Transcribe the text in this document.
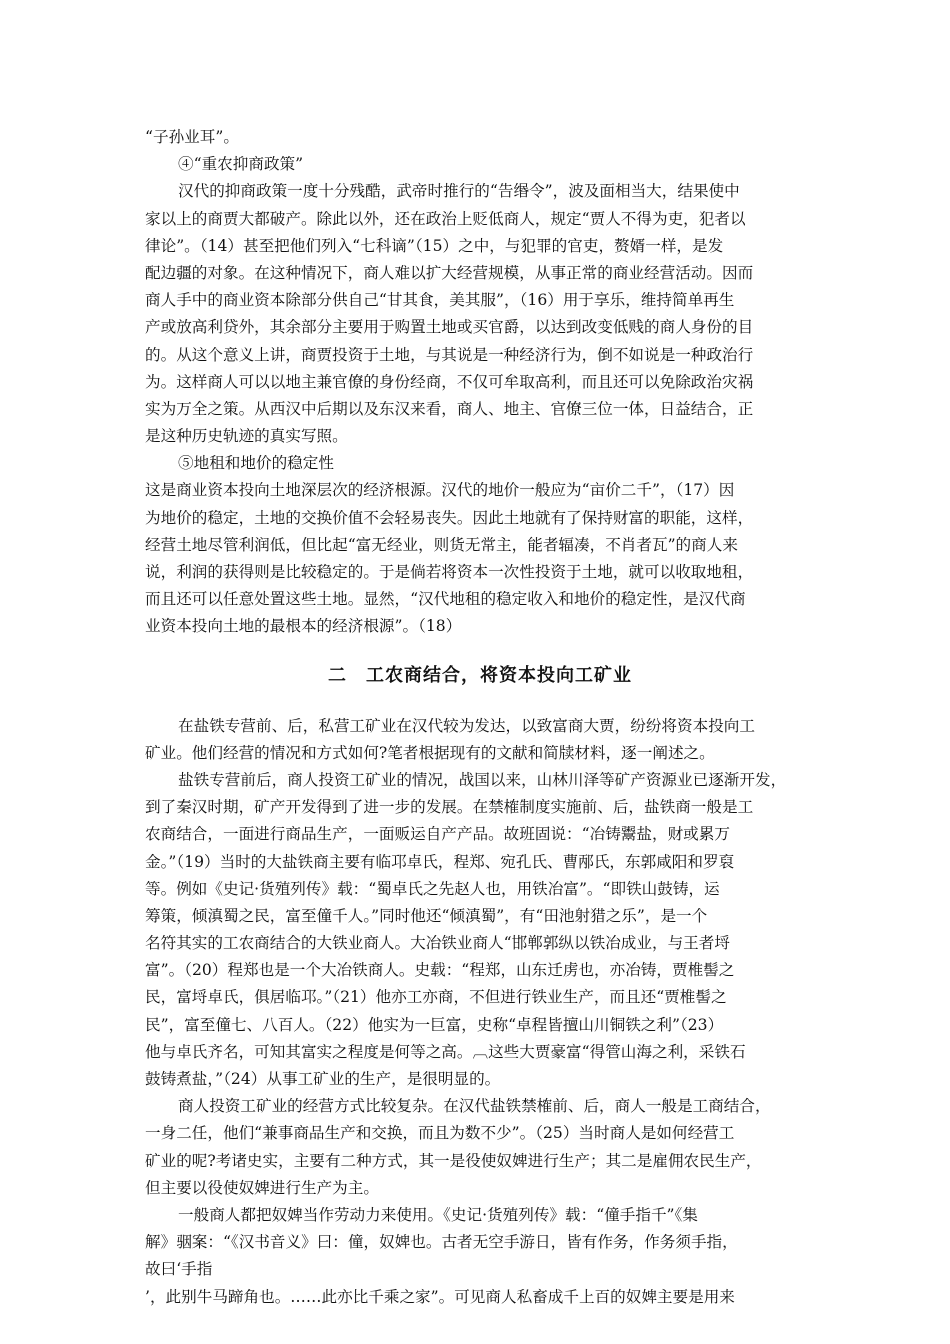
“子孙业耳”。
④“重农抑商政策”
汉代的抑商政策一度十分残酷，武帝时推行的“告缗令”，波及面相当大，结果使中
家以上的商贾大都破产。除此以外，还在政治上贬低商人，规定“贾人不得为吏，犯者以
律论”。（14）甚至把他们列入“七科谪”（15）之中，与犯罪的官吏，赘婿一样，是发
配边疆的对象。在这种情况下，商人难以扩大经营规模，从事正常的商业经营活动。因而
商人手中的商业资本除部分供自己“甘其食，美其服”，（16）用于享乐，维持简单再生
产或放高利贷外，其余部分主要用于购置土地或买官爵，以达到改变低贱的商人身份的目
的。从这个意义上讲，商贾投资于土地，与其说是一种经济行为，倒不如说是一种政治行
为。这样商人可以以地主兼官僚的身份经商，不仅可牟取高利，而且还可以免除政治灾祸
实为万全之策。从西汉中后期以及东汉来看，商人、地主、官僚三位一体，日益结合，正
是这种历史轨迹的真实写照。
⑤地租和地价的稳定性
这是商业资本投向土地深层次的经济根源。汉代的地价一般应为“亩价二千”，（17）因
为地价的稳定，土地的交换价值不会轻易丧失。因此土地就有了保持财富的职能，这样，
经营土地尽管利润低，但比起“富无经业，则货无常主，能者辐凑，不肖者瓦”的商人来
说，利润的获得则是比较稳定的。于是倘若将资本一次性投资于土地，就可以收取地租，
而且还可以任意处置这些土地。显然，“汉代地租的稳定收入和地价的稳定性，是汉代商
业资本投向土地的最根本的经济根源”。（18）
二　工农商结合，将资本投向工矿业
在盐铁专营前、后，私营工矿业在汉代较为发达，以致富商大贾，纷纷将资本投向工
矿业。他们经营的情况和方式如何?笔者根据现有的文献和简牍材料，逐一阐述之。
盐铁专营前后，商人投资工矿业的情况，战国以来，山林川泽等矿产资源业已逐渐开发，
到了秦汉时期，矿产开发得到了进一步的发展。在禁榷制度实施前、后，盐铁商一般是工
农商结合，一面进行商品生产，一面贩运自产产品。故班固说：“冶铸鬻盐，财或累万
金。”（19）当时的大盐铁商主要有临邛卓氏，程郑、宛孔氏、曹邴氏，东郭咸阳和罗裒
等。例如《史记·货殖列传》载：“蜀卓氏之先赵人也，用铁冶富”。“即铁山鼓铸，运
筹策，倾滇蜀之民，富至僮千人。”同时他还“倾滇蜀”，有“田池射猎之乐”，是一个
名符其实的工农商结合的大铁业商人。大冶铁业商人“邯郸郭纵以铁冶成业，与王者埒
富”。（20）程郑也是一个大冶铁商人。史载：“程郑，山东迁虏也，亦冶铸，贾椎髻之
民，富埒卓氏，俱居临邛。”（21）他亦工亦商，不但进行铁业生产，而且还“贾椎髻之
民”，富至僮七、八百人。（22）他实为一巨富，史称“卓程皆擅山川铜铁之利”（23）
他与卓氏齐名，可知其富实之程度是何等之高。︹这些大贾豪富“得管山海之利，采铁石
鼓铸煮盐，”（24）从事工矿业的生产，是很明显的。
商人投资工矿业的经营方式比较复杂。在汉代盐铁禁榷前、后，商人一般是工商结合，
一身二任，他们“兼事商品生产和交换，而且为数不少”。（25）当时商人是如何经营工
矿业的呢?考诸史实，主要有二种方式，其一是役使奴婢进行生产；其二是雇佣农民生产，
但主要以役使奴婢进行生产为主。
一般商人都把奴婢当作劳动力来使用。《史记·货殖列传》载：“僮手指千”《集
解》骃案：“《汉书音义》曰：僮，奴婢也。古者无空手游日，皆有作务，作务须手指，
故曰‘手指
’，此别牛马蹄角也。……此亦比千乘之家”。可见商人私畜成千上百的奴婢主要是用来
